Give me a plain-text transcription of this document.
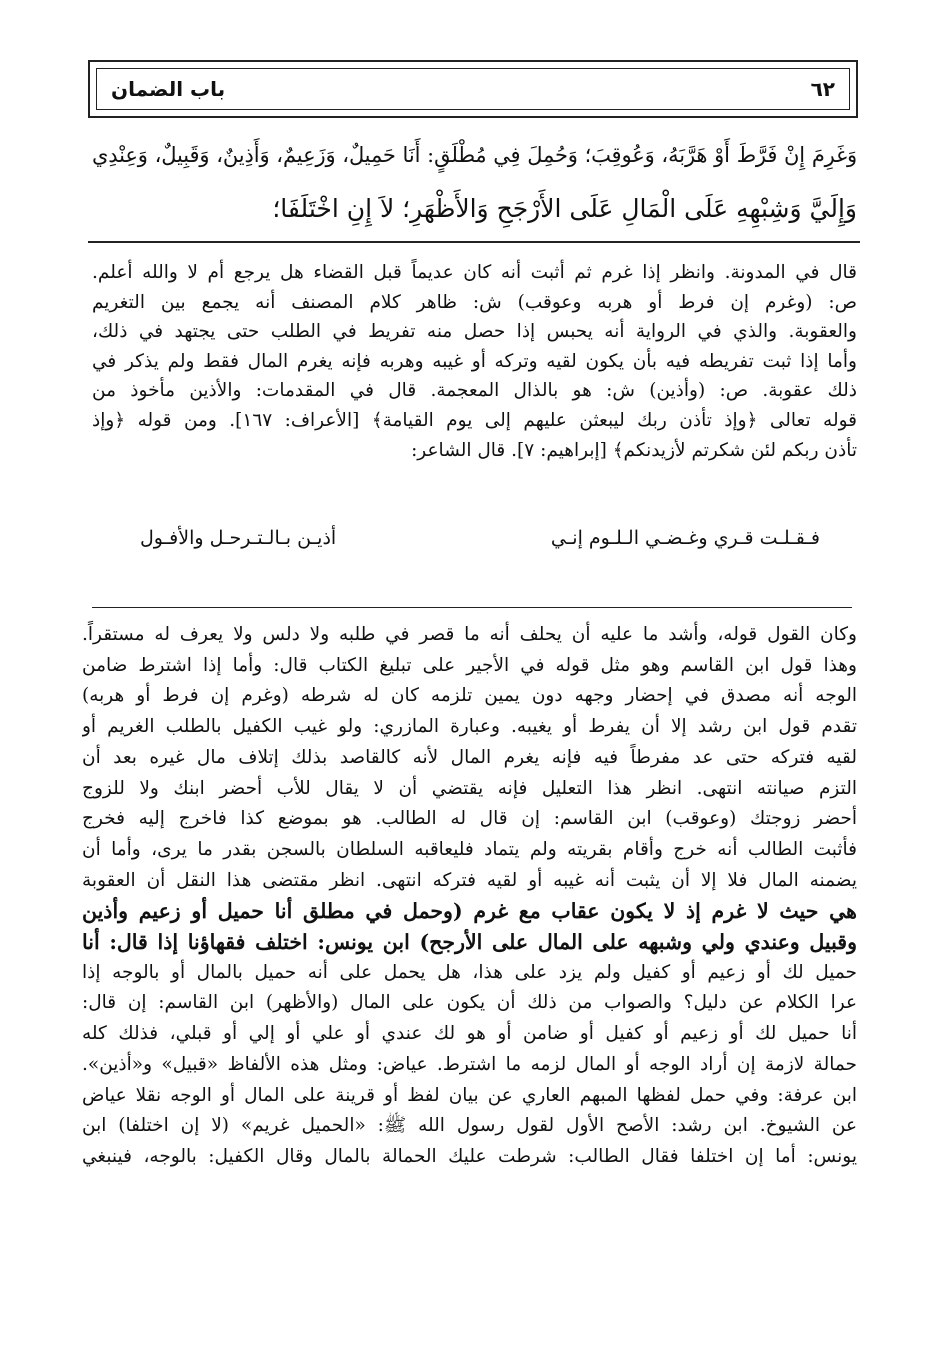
٦٢
باب الضمان
وَغَرِمَ إِنْ فَرَّطَ أَوْ هَرَّبَهُ، وَعُوقِبَ؛ وَحُمِلَ فِي مُطْلَقٍ: أَنَا حَمِيلٌ، وَزَعِيمٌ، وَأَذِينٌ، وَقَبِيلٌ، وَعِنْدِي
وَإِلَيَّ وَشِبْهِهِ عَلَى الْمَالِ عَلَى الأَرْجَحِ وَالأَظْهَرِ؛ لاَ إِنِ اخْتَلَفَا؛
قال في المدونة. وانظر إذا غرم ثم أثبت أنه كان عديماً قبل القضاء هل يرجع أم لا والله أعلم.
ص: (وغرم إن فرط أو هربه وعوقب) ش: ظاهر كلام المصنف أنه يجمع بين التغريم
والعقوبة. والذي في الرواية أنه يحبس إذا حصل منه تفريط في الطلب حتى يجتهد في ذلك،
وأما إذا ثبت تفريطه فيه بأن يكون لقيه وتركه أو غيبه وهربه فإنه يغرم المال فقط ولم يذكر في
ذلك عقوبة. ص: (وأذين) ش: هو بالذال المعجمة. قال في المقدمات: والأذين مأخوذ من
قوله تعالى ﴿وإذ تأذن ربك ليبعثن عليهم إلى يوم القيامة﴾ [الأعراف: ١٦٧]. ومن قوله ﴿وإذ
تأذن ربكم لئن شكرتم لأزيدنكم﴾ [إبراهيم: ٧]. قال الشاعر:
فـقـلـت قـري وغـضـي الـلـوم إنـي
أذيـن بـالـتـرحـل والأفـول
وكان القول قوله، وأشد ما عليه أن يحلف أنه ما قصر في طلبه ولا دلس ولا يعرف له مستقراً.
وهذا قول ابن القاسم وهو مثل قوله في الأجير على تبليغ الكتاب قال: وأما إذا اشترط ضامن
الوجه أنه مصدق في إحضار وجهه دون يمين تلزمه كان له شرطه (وغرم إن فرط أو هربه)
تقدم قول ابن رشد إلا أن يفرط أو يغيبه. وعبارة المازري: ولو غيب الكفيل بالطلب الغريم أو
لقيه فتركه حتى عد مفرطاً فيه فإنه يغرم المال لأنه كالقاصد بذلك إتلاف مال غيره بعد أن
التزم صيانته انتهى. انظر هذا التعليل فإنه يقتضي أن لا يقال للأب أحضر ابنك ولا للزوج
أحضر زوجتك (وعوقب) ابن القاسم: إن قال له الطالب. هو بموضع كذا فاخرج إليه فخرج
فأثبت الطالب أنه خرج وأقام بقريته ولم يتماد فليعاقبه السلطان بالسجن بقدر ما يرى، وأما أن
يضمنه المال فلا إلا أن يثبت أنه غيبه أو لقيه فتركه انتهى. انظر مقتضى هذا النقل أن العقوبة
هي حيث لا غرم إذ لا يكون عقاب مع غرم (وحمل في مطلق أنا حميل أو زعيم وأذين
وقبيل وعندي ولي وشبهه على المال على الأرجح) ابن يونس: اختلف فقهاؤنا إذا قال: أنا
حميل لك أو زعيم أو كفيل ولم يزد على هذا، هل يحمل على أنه حميل بالمال أو بالوجه إذا
عرا الكلام عن دليل؟ والصواب من ذلك أن يكون على المال (والأظهر) ابن القاسم: إن قال:
أنا حميل لك أو زعيم أو كفيل أو ضامن أو هو لك عندي أو علي أو إلي أو قبلي، فذلك كله
حمالة لازمة إن أراد الوجه أو المال لزمه ما اشترط. عياض: ومثل هذه الألفاظ «قبيل» و«أذين».
ابن عرفة: وفي حمل لفظها المبهم العاري عن بيان لفظ أو قرينة على المال أو الوجه نقلا عياض
عن الشيوخ. ابن رشد: الأصح الأول لقول رسول الله ﷺ: «الحميل غريم» (لا إن اختلفا) ابن
يونس: أما إن اختلفا فقال الطالب: شرطت عليك الحمالة بالمال وقال الكفيل: بالوجه، فينبغي
